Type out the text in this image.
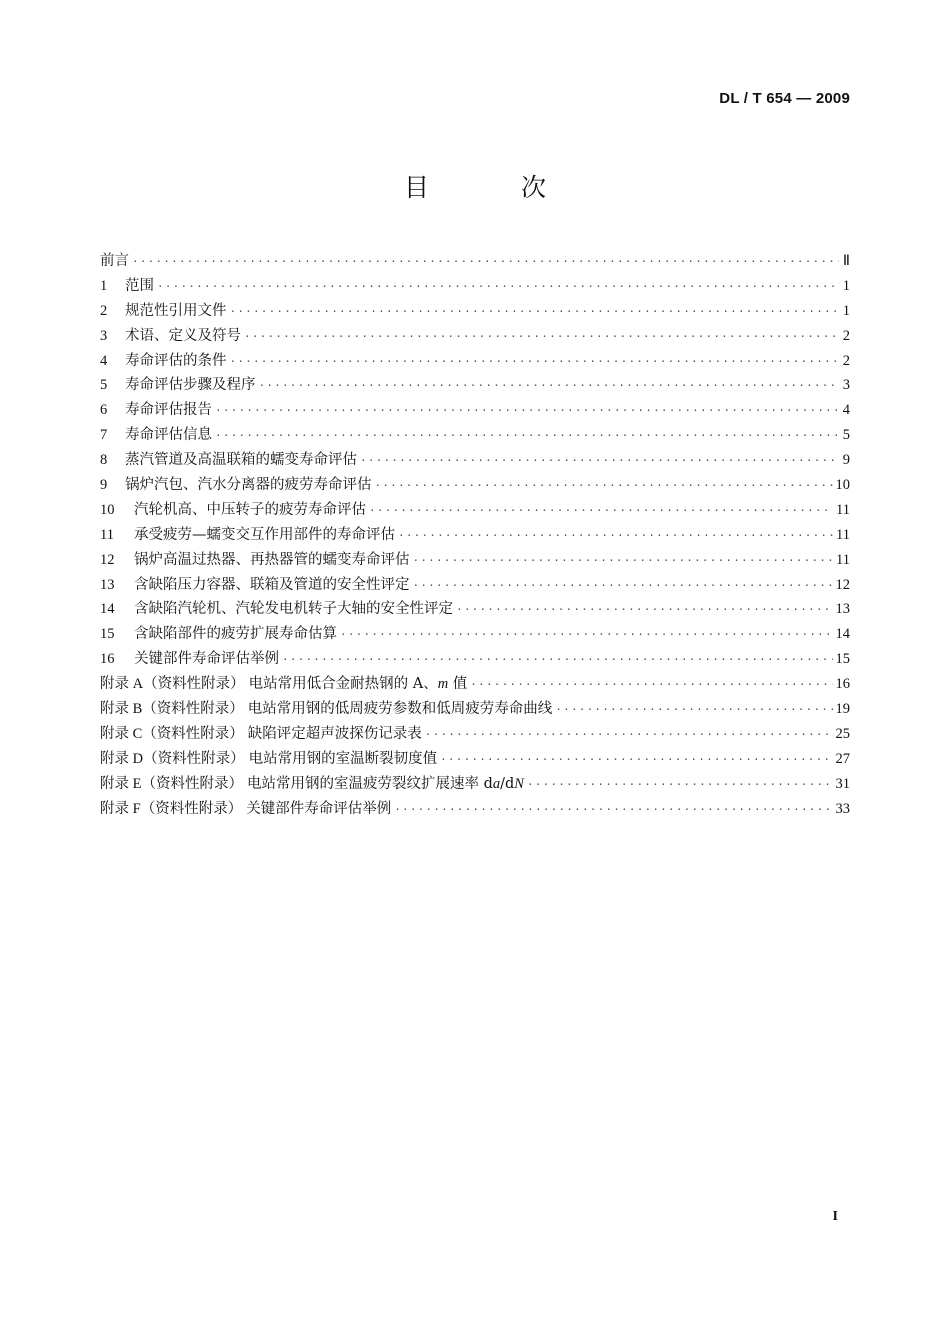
DL / T 654 — 2009
目 次
前言 ·····	Ⅱ
1	范围 ·····	1
2	规范性引用文件 ·····	1
3	术语、定义及符号 ·····	2
4	寿命评估的条件 ·····	2
5	寿命评估步骤及程序 ·····	3
6	寿命评估报告 ·····	4
7	寿命评估信息 ·····	5
8	蒸汽管道及高温联箱的蠕变寿命评估 ·····	9
9	锅炉汽包、汽水分离器的疲劳寿命评估 ·····	10
10	汽轮机高、中压转子的疲劳寿命评估 ·····	11
11	承受疲劳—蠕变交互作用部件的寿命评估 ·····	11
12	锅炉高温过热器、再热器管的蠕变寿命评估 ·····	11
13	含缺陷压力容器、联箱及管道的安全性评定 ·····	12
14	含缺陷汽轮机、汽轮发电机转子大轴的安全性评定 ·····	13
15	含缺陷部件的疲劳扩展寿命估算 ·····	14
16	关键部件寿命评估举例 ·····	15
附录 A（资料性附录） 电站常用低合金耐热钢的 A、m 值 ·····	16
附录 B（资料性附录） 电站常用钢的低周疲劳参数和低周疲劳寿命曲线 ·····	19
附录 C（资料性附录） 缺陷评定超声波探伤记录表 ·····	25
附录 D（资料性附录） 电站常用钢的室温断裂韧度值 ·····	27
附录 E（资料性附录） 电站常用钢的室温疲劳裂纹扩展速率 da/dN ·····	31
附录 F（资料性附录） 关键部件寿命评估举例 ·····	33
I
